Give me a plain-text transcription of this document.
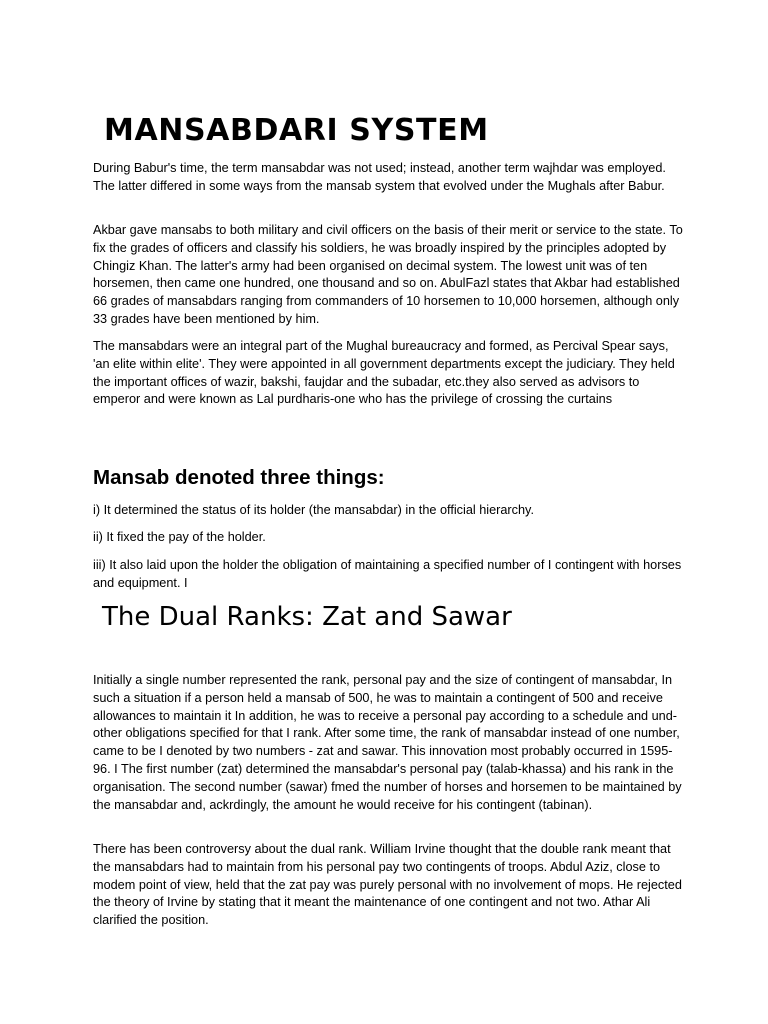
MANSABDARI SYSTEM

During Babur's time, the term mansabdar was not used; instead, another term wajhdar was employed. The latter differed in some ways from the mansab system that evolved under the Mughals after Babur.

Akbar gave mansabs to both military and civil officers on the basis of their merit or service to the state. To fix the grades of officers and classify his soldiers, he was broadly inspired by the principles adopted by Chingiz Khan. The latter's army had been organised on decimal system. The lowest unit was of ten horsemen, then came one hundred, one thousand and so on. AbulFazl states that Akbar had established 66 grades of mansabdars ranging from commanders of 10 horsemen to 10,000 horsemen, although only 33 grades have been mentioned by him.

The mansabdars were an integral part of the Mughal bureaucracy and formed, as Percival Spear says, 'an elite within elite'. They were appointed in all government departments except the judiciary. They held the important offices of wazir, bakshi, faujdar and the subadar, etc.they also served as advisors to emperor and were known as Lal purdharis-one who has the privilege of crossing the curtains

Mansab denoted three things:

i) It determined the status of its holder (the mansabdar) in the official hierarchy.

ii) It fixed the pay of the holder.

iii) It also laid upon the holder the obligation of maintaining a specified number of I contingent with horses and equipment. I

The Dual Ranks: Zat and Sawar

Initially a single number represented the rank, personal pay and the size of contingent of mansabdar, In such a situation if a person held a mansab of 500, he was to maintain a contingent of 500 and receive allowances to maintain it In addition, he was to receive a personal pay according to a schedule and und- other obligations specified for that I rank. After some time, the rank of mansabdar instead of one number, came to be I denoted by two numbers - zat and sawar. This innovation most probably occurred in 1595-96. I The first number (zat) determined the mansabdar's personal pay (talab-khassa) and his rank in the organisation. The second number (sawar) fmed the number of horses and horsemen to be maintained by the mansabdar and, ackrdingly, the amount he would receive for his contingent (tabinan).

There has been controversy about the dual rank. William Irvine thought that the double rank meant that the mansabdars had to maintain from his personal pay two contingents of troops. Abdul Aziz, close to modem point of view, held that the zat pay was purely personal with no involvement of mops. He rejected the theory of Irvine by stating that it meant the maintenance of one contingent and not two. Athar Ali clarified the position.
